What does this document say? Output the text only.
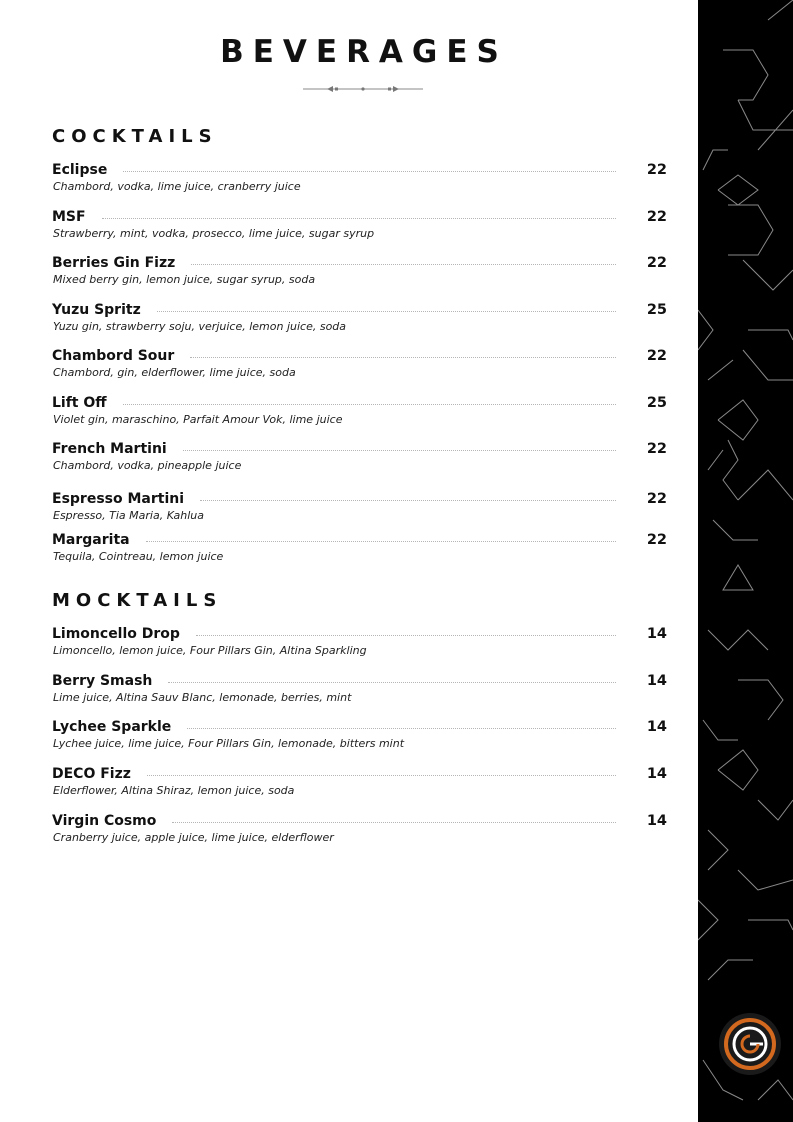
BEVERAGES
COCKTAILS
Eclipse	22
Chambord, vodka, lime juice, cranberry juice
MSF	22
Strawberry, mint, vodka, prosecco, lime juice, sugar syrup
Berries Gin Fizz	22
Mixed berry gin, lemon juice, sugar syrup, soda
Yuzu Spritz	25
Yuzu gin, strawberry soju, verjuice, lemon juice, soda
Chambord Sour	22
Chambord, gin, elderflower, lime juice, soda
Lift Off	25
Violet gin, maraschino, Parfait Amour Vok, lime juice
French Martini	22
Chambord, vodka, pineapple juice
Espresso Martini	22
Espresso, Tia Maria, Kahlua
Margarita	22
Tequila, Cointreau, lemon juice
MOCKTAILS
Limoncello Drop	14
Limoncello, lemon juice, Four Pillars Gin, Altina Sparkling
Berry Smash	14
Lime juice, Altina Sauv Blanc, lemonade, berries, mint
Lychee Sparkle	14
Lychee juice, lime juice, Four Pillars Gin, lemonade, bitters mint
DECO Fizz	14
Elderflower, Altina Shiraz, lemon juice, soda
Virgin Cosmo	14
Cranberry juice, apple juice, lime juice, elderflower
